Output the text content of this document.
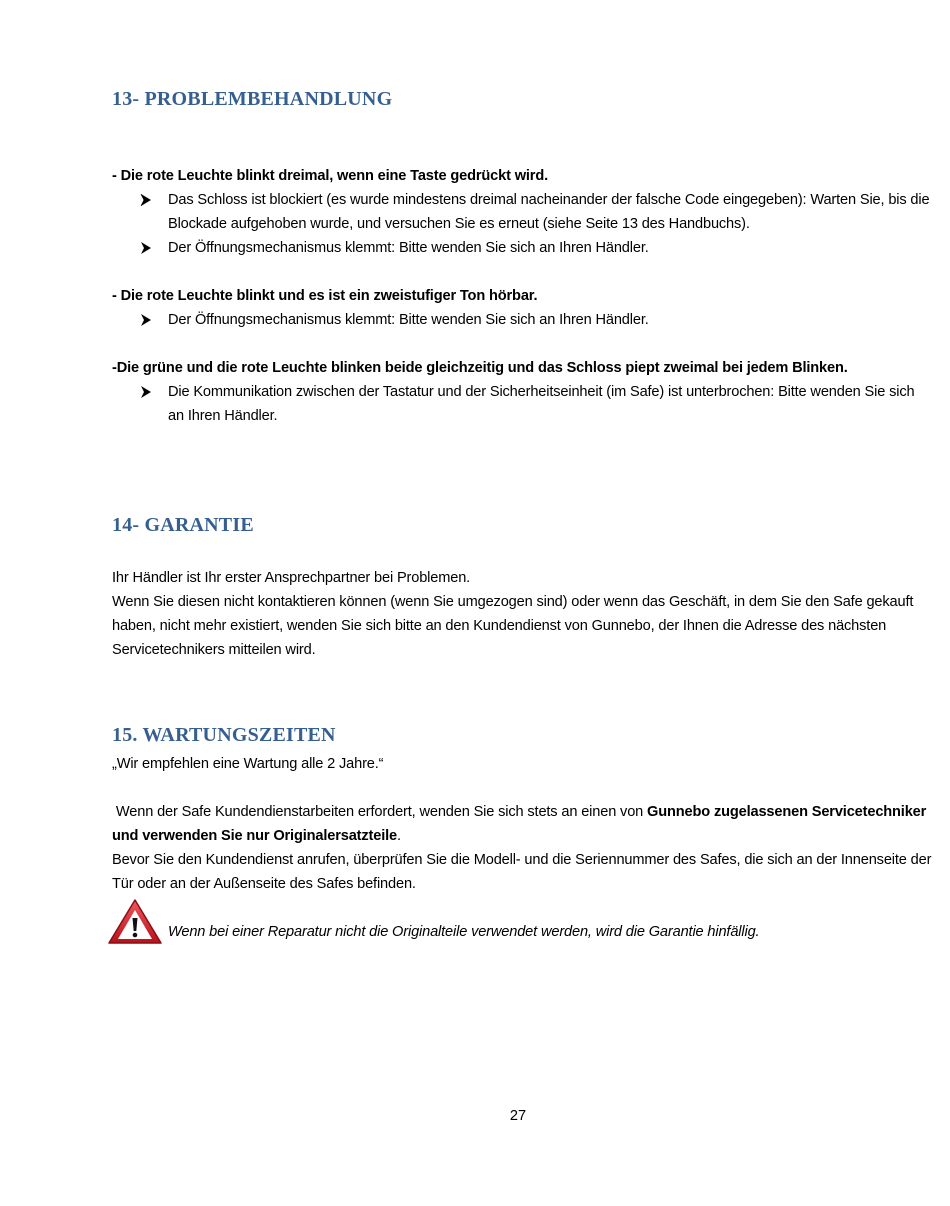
13- PROBLEMBEHANDLUNG
- Die rote Leuchte blinkt dreimal, wenn eine Taste gedrückt wird.
Das Schloss ist blockiert (es wurde mindestens dreimal nacheinander der falsche Code eingegeben): Warten Sie, bis die Blockade aufgehoben wurde, und versuchen Sie es erneut (siehe Seite 13 des Handbuchs).
Der Öffnungsmechanismus klemmt: Bitte wenden Sie sich an Ihren Händler.
- Die rote Leuchte blinkt und es ist ein zweistufiger Ton hörbar.
Der Öffnungsmechanismus klemmt: Bitte wenden Sie sich an Ihren Händler.
-Die grüne und die rote Leuchte blinken beide gleichzeitig und das Schloss piept zweimal bei jedem Blinken.
Die Kommunikation zwischen der Tastatur und der Sicherheitseinheit (im Safe) ist unterbrochen: Bitte wenden Sie sich an Ihren Händler.
14- GARANTIE
Ihr Händler ist Ihr erster Ansprechpartner bei Problemen.
Wenn Sie diesen nicht kontaktieren können (wenn Sie umgezogen sind) oder wenn das Geschäft, in dem Sie den Safe gekauft haben, nicht mehr existiert, wenden Sie sich bitte an den Kundendienst von Gunnebo, der Ihnen die Adresse des nächsten Servicetechnikers mitteilen wird.
15. WARTUNGSZEITEN
„Wir empfehlen eine Wartung alle 2 Jahre.“
Wenn der Safe Kundendienstarbeiten erfordert, wenden Sie sich stets an einen von Gunnebo zugelassenen Servicetechniker und verwenden Sie nur Originalersatzteile.
Bevor Sie den Kundendienst anrufen, überprüfen Sie die Modell- und die Seriennummer des Safes, die sich an der Innenseite der Tür oder an der Außenseite des Safes befinden.
Wenn bei einer Reparatur nicht die Originalteile verwendet werden, wird die Garantie hinfällig.
27
